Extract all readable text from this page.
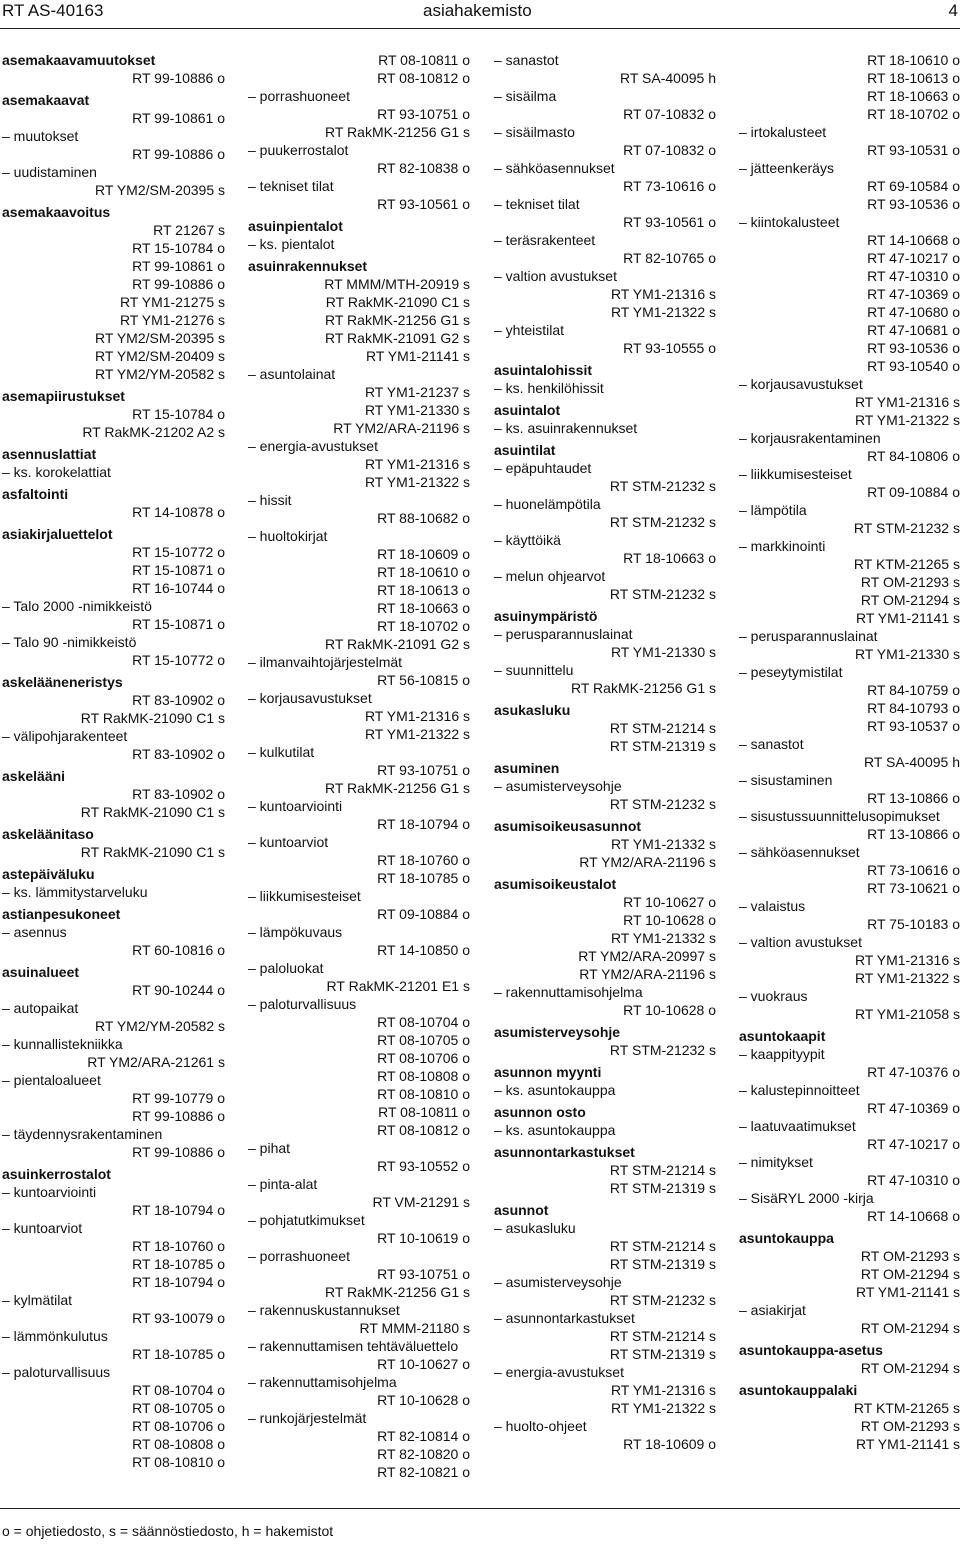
RT AS-40163	asiahakemisto	4
asemakaavamuutokset
RT 99-10886 o
asemakaavat
RT 99-10861 o
– muutokset
RT 99-10886 o
– uudistaminen
RT YM2/SM-20395 s
asemakaavoitus
RT 21267 s
RT 15-10784 o
RT 99-10861 o
RT 99-10886 o
RT YM1-21275 s
RT YM1-21276 s
RT YM2/SM-20395 s
RT YM2/SM-20409 s
RT YM2/YM-20582 s
asemapiirustukset
RT 15-10784 o
RT RakMK-21202 A2 s
asennuslattiat
– ks. korokelattiat
asfaltointi
RT 14-10878 o
asiakirjaluettelot
RT 15-10772 o
RT 15-10871 o
RT 16-10744 o
– Talo 2000 -nimikkeistö
RT 15-10871 o
– Talo 90 -nimikkeistö
RT 15-10772 o
askelääneneristys
RT 83-10902 o
RT RakMK-21090 C1 s
– välipohjarakenteet
RT 83-10902 o
askelääni
RT 83-10902 o
RT RakMK-21090 C1 s
askeläänitaso
RT RakMK-21090 C1 s
astepäiväluku
– ks. lämmitystarveluku
astianpesukoneet
– asennus
RT 60-10816 o
asuinalueet
RT 90-10244 o
– autopaikat
RT YM2/YM-20582 s
– kunnallistekniikka
RT YM2/ARA-21261 s
– pientaloalueet
RT 99-10779 o
RT 99-10886 o
– täydennysrakentaminen
RT 99-10886 o
asuinkerrostalot
– kuntoarviointi
RT 18-10794 o
– kuntoarviot
RT 18-10760 o
RT 18-10785 o
RT 18-10794 o
– kylmätilat
RT 93-10079 o
– lämmönkulutus
RT 18-10785 o
– paloturvallisuus
RT 08-10704 o
RT 08-10705 o
RT 08-10706 o
RT 08-10808 o
RT 08-10810 o
RT 08-10811 o
RT 08-10812 o
– porrashuoneet
RT 93-10751 o
RT RakMK-21256 G1 s
– puukerrostalot
RT 82-10838 o
– tekniset tilat
RT 93-10561 o
asuinpientalot
– ks. pientalot
asuinrakennukset
RT MMM/MTH-20919 s
RT RakMK-21090 C1 s
RT RakMK-21256 G1 s
RT RakMK-21091 G2 s
RT YM1-21141 s
– asuntolainat
RT YM1-21237 s
RT YM1-21330 s
RT YM2/ARA-21196 s
– energia-avustukset
RT YM1-21316 s
RT YM1-21322 s
– hissit
RT 88-10682 o
– huoltokirjat
RT 18-10609 o
RT 18-10610 o
RT 18-10613 o
RT 18-10663 o
RT 18-10702 o
RT RakMK-21091 G2 s
– ilmanvaihtojärjestelmät
RT 56-10815 o
– korjausavustukset
RT YM1-21316 s
RT YM1-21322 s
– kulkutilat
RT 93-10751 o
RT RakMK-21256 G1 s
– kuntoarviointi
RT 18-10794 o
– kuntoarviot
RT 18-10760 o
RT 18-10785 o
– liikkumisesteiset
RT 09-10884 o
– lämpökuvaus
RT 14-10850 o
– paloluokat
RT RakMK-21201 E1 s
– paloturvallisuus
RT 08-10704 o
RT 08-10705 o
RT 08-10706 o
RT 08-10808 o
RT 08-10810 o
RT 08-10811 o
RT 08-10812 o
– pihat
RT 93-10552 o
– pinta-alat
RT VM-21291 s
– pohjatutkimukset
RT 10-10619 o
– porrashuoneet
RT 93-10751 o
RT RakMK-21256 G1 s
– rakennuskustannukset
RT MMM-21180 s
– rakennuttamisen tehtäväluettelo
RT 10-10627 o
– rakennuttamisohjelma
RT 10-10628 o
– runkojärjestelmät
RT 82-10814 o
RT 82-10820 o
RT 82-10821 o
– sanastot
RT SA-40095 h
– sisäilma
RT 07-10832 o
– sisäilmasto
RT 07-10832 o
– sähköasennukset
RT 73-10616 o
– tekniset tilat
RT 93-10561 o
– teräsrakenteet
RT 82-10765 o
– valtion avustukset
RT YM1-21316 s
RT YM1-21322 s
– yhteistilat
RT 93-10555 o
asuintalohissit
– ks. henkilöhissit
asuintalot
– ks. asuinrakennukset
asuintilat
– epäpuhtaudet
RT STM-21232 s
– huonelämpötila
RT STM-21232 s
– käyttöikä
RT 18-10663 o
– melun ohjearvot
RT STM-21232 s
asuinympäristö
– perusparannuslainat
RT YM1-21330 s
– suunnittelu
RT RakMK-21256 G1 s
asukasluku
RT STM-21214 s
RT STM-21319 s
asuminen
– asumisterveysohje
RT STM-21232 s
asumisoikeusasunnot
RT YM1-21332 s
RT YM2/ARA-21196 s
asumisoikeustalot
RT 10-10627 o
RT 10-10628 o
RT YM1-21332 s
RT YM2/ARA-20997 s
RT YM2/ARA-21196 s
– rakennuttamisohjelma
RT 10-10628 o
asumisterveysohje
RT STM-21232 s
asunnon myynti
– ks. asuntokauppa
asunnon osto
– ks. asuntokauppa
asunnontarkastukset
RT STM-21214 s
RT STM-21319 s
asunnot
– asukasluku
RT STM-21214 s
RT STM-21319 s
– asumisterveysohje
RT STM-21232 s
– asunnontarkastukset
RT STM-21214 s
RT STM-21319 s
– energia-avustukset
RT YM1-21316 s
RT YM1-21322 s
– huolto-ohjeet
RT 18-10609 o
RT 18-10610 o
RT 18-10613 o
RT 18-10663 o
RT 18-10702 o
– irtokalusteet
RT 93-10531 o
– jätteenkeräys
RT 69-10584 o
RT 93-10536 o
– kiintokalusteet
RT 14-10668 o
RT 47-10217 o
RT 47-10310 o
RT 47-10369 o
RT 47-10680 o
RT 47-10681 o
RT 93-10536 o
RT 93-10540 o
– korjausavustukset
RT YM1-21316 s
RT YM1-21322 s
– korjausrakentaminen
RT 84-10806 o
– liikkumisesteiset
RT 09-10884 o
– lämpötila
RT STM-21232 s
– markkinointi
RT KTM-21265 s
RT OM-21293 s
RT OM-21294 s
RT YM1-21141 s
– perusparannuslainat
RT YM1-21330 s
– peseytymistilat
RT 84-10759 o
RT 84-10793 o
RT 93-10537 o
– sanastot
RT SA-40095 h
– sisustaminen
RT 13-10866 o
– sisustussuunnittelusopimukset
RT 13-10866 o
– sähköasennukset
RT 73-10616 o
RT 73-10621 o
– valaistus
RT 75-10183 o
– valtion avustukset
RT YM1-21316 s
RT YM1-21322 s
– vuokraus
RT YM1-21058 s
asuntokaapit
– kaappityypit
RT 47-10376 o
– kalustepinnoitteet
RT 47-10369 o
– laatuvaatimukset
RT 47-10217 o
– nimitykset
RT 47-10310 o
– SisäRYL 2000 -kirja
RT 14-10668 o
asuntokauppa
RT OM-21293 s
RT OM-21294 s
RT YM1-21141 s
– asiakirjat
RT OM-21294 s
asuntokauppa-asetus
RT OM-21294 s
asuntokauppalaki
RT KTM-21265 s
RT OM-21293 s
RT YM1-21141 s
o = ohjetiedosto, s = säännöstiedosto, h = hakemistot
